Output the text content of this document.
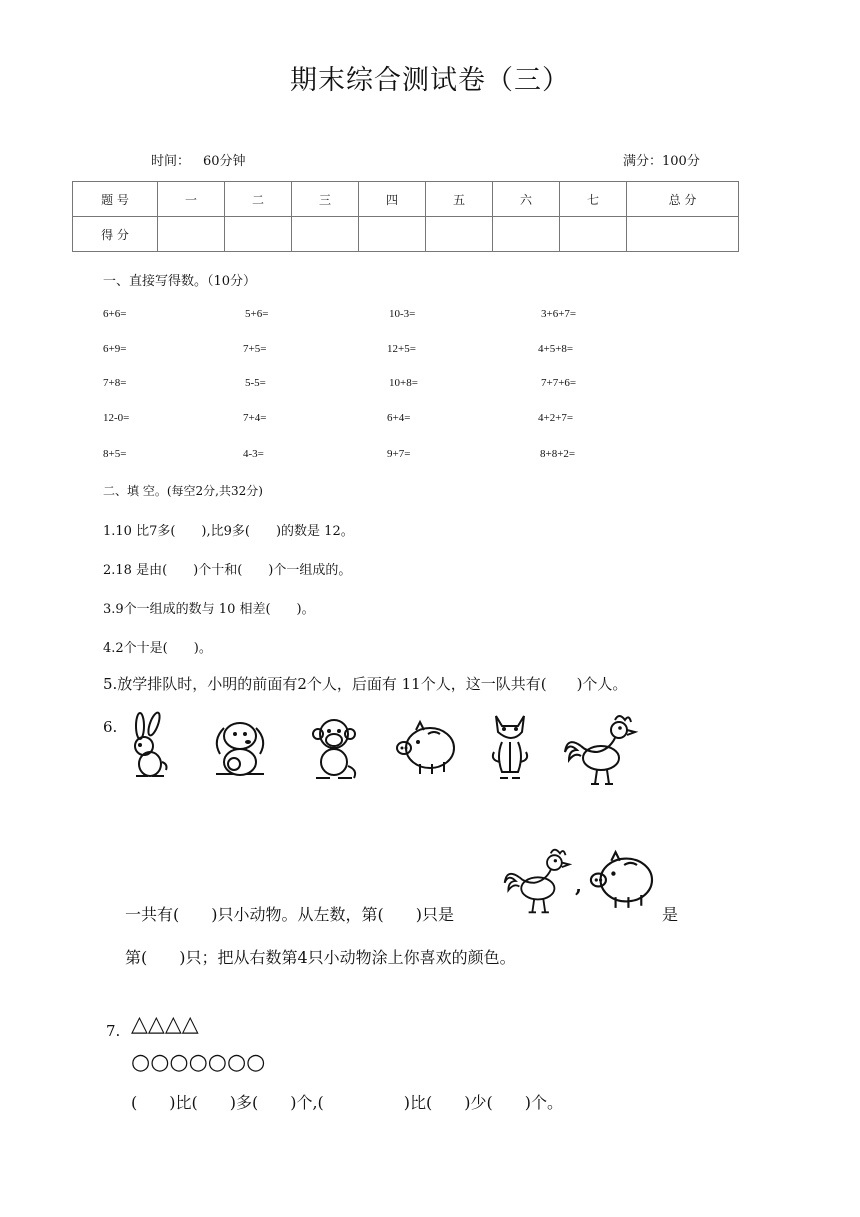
期末综合测试卷（三）
时间： 60分钟	满分：100分
题 号	一	二	三	四	五	六	七	总 分
得 分								
一、直接写得数。（10分）
6+6=	5+6=	10-3=	3+6+7=
6+9=	7+5=	12+5=	4+5+8=
7+8=	5-5=	10+8=	7+7+6=
12-0=	7+4=	6+4=	4+2+7=
8+5=	4-3=	9+7=	8+8+2=
二、填 空。(每空2分,共32分)
1.10 比7多(　　),比9多(　　)的数是 12。
2.18 是由(　　)个十和(　　)个一组成的。
3.9个一组成的数与 10 相差(　　)。
4.2个十是(　　)。
5.放学排队时，小明的前面有2个人，后面有 11个人，这一队共有(　　)个人。
6.
一共有(　　)只小动物。从左数，第(　　)只是
,
是
第(　　)只；把从右数第4只小动物涂上你喜欢的颜色。
7. △△△△
○○○○○○○
(　　)比(　　)多(　　)个,(　　　　　)比(　　)少(　　)个。
